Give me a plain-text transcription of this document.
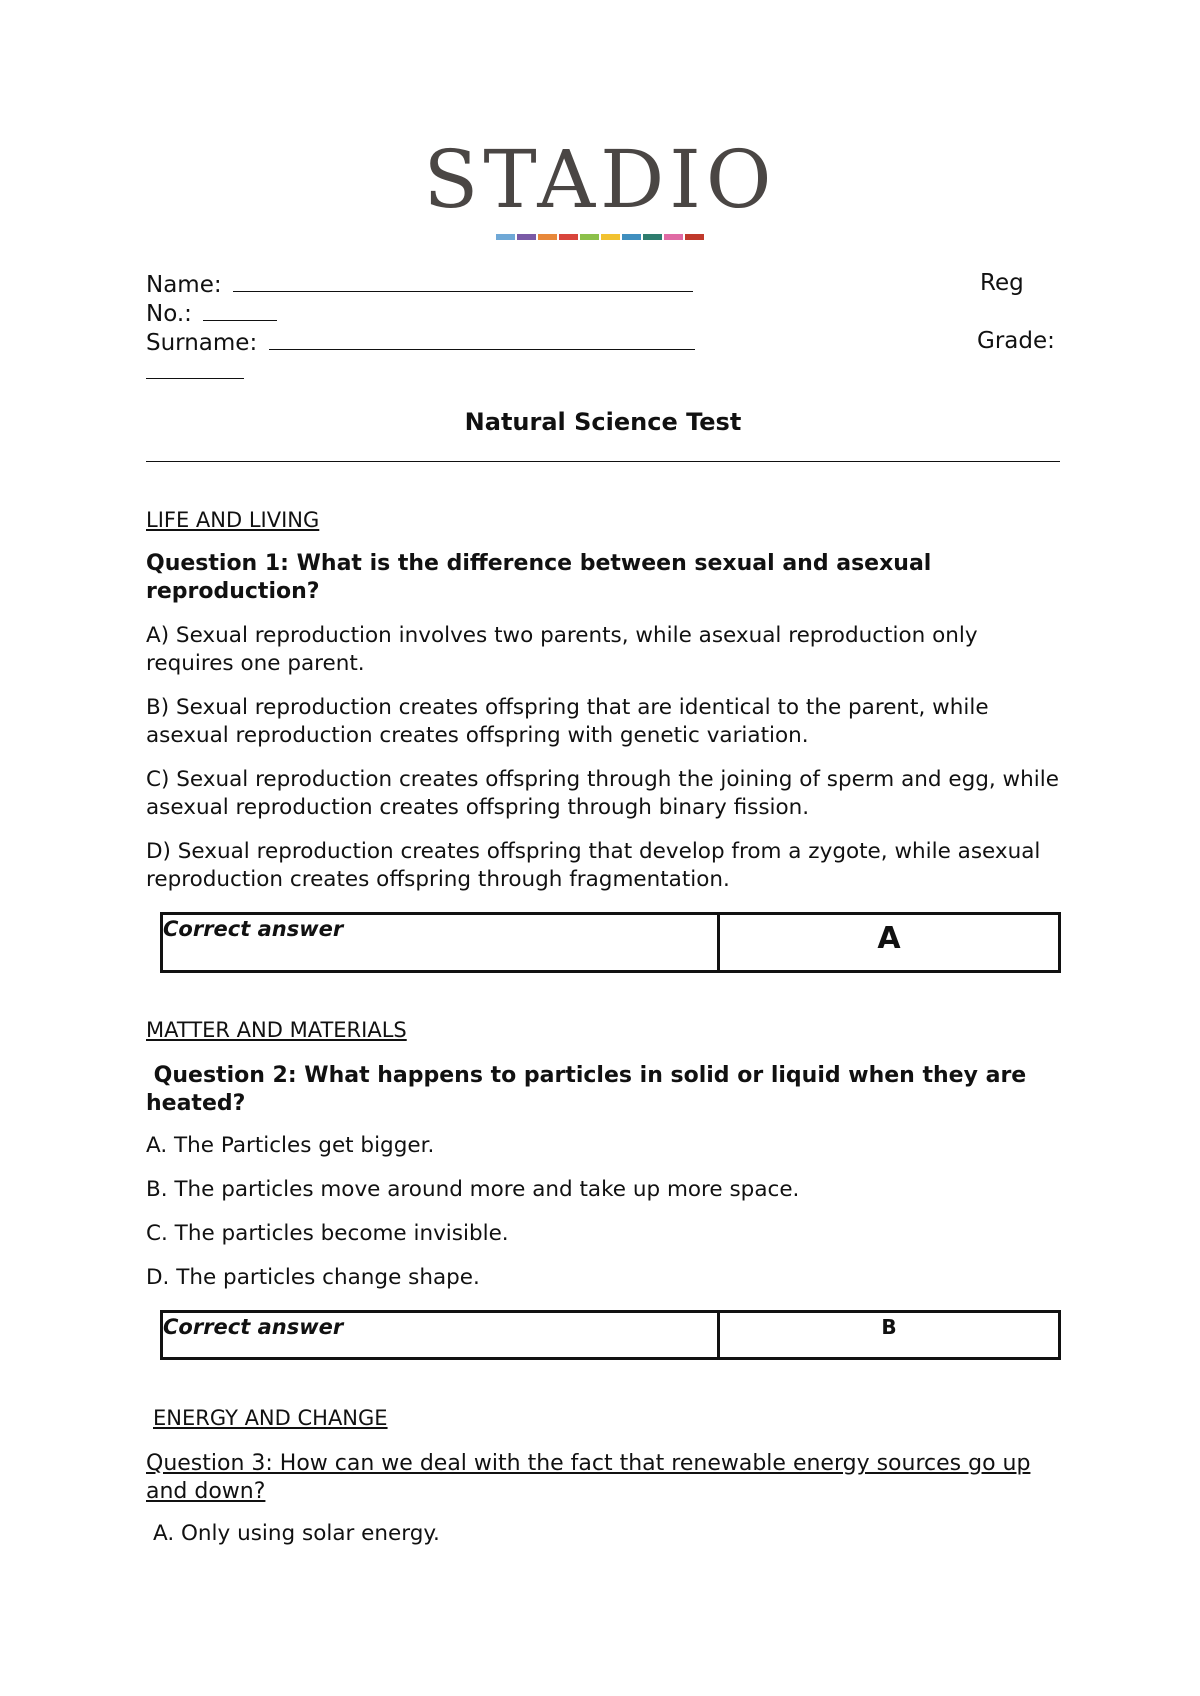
STADIO
Name:	Reg
No.:
Surname:	Grade:
Natural Science Test
LIFE AND LIVING
Question 1: What is the difference between sexual and asexual reproduction?
A) Sexual reproduction involves two parents, while asexual reproduction only requires one parent.
B) Sexual reproduction creates offspring that are identical to the parent, while asexual reproduction creates offspring with genetic variation.
C) Sexual reproduction creates offspring through the joining of sperm and egg, while asexual reproduction creates offspring through binary fission.
D) Sexual reproduction creates offspring that develop from a zygote, while asexual reproduction creates offspring through fragmentation.
Correct answer	A
MATTER AND MATERIALS
Question 2: What happens to particles in solid or liquid when they are heated?
A. The Particles get bigger.
B. The particles move around more and take up more space.
C. The particles become invisible.
D. The particles change shape.
Correct answer	B
ENERGY AND CHANGE
Question 3: How can we deal with the fact that renewable energy sources go up and down?
A. Only using solar energy.
